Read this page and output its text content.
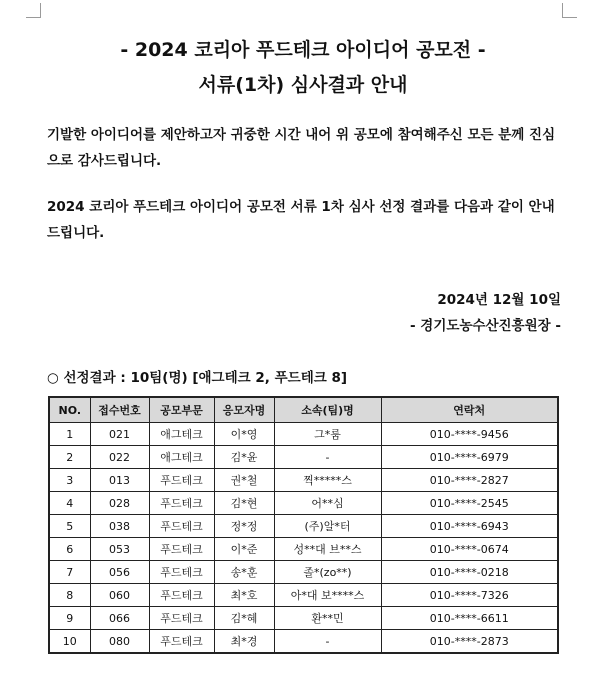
- 2024 코리아 푸드테크 아이디어 공모전 -
서류(1차) 심사결과 안내
기발한 아이디어를 제안하고자 귀중한 시간 내어 위 공모에 참여해주신 모든 분께 진심으로 감사드립니다.
2024 코리아 푸드테크 아이디어 공모전 서류 1차 심사 선정 결과를 다음과 같이 안내드립니다.
2024년 12월 10일
- 경기도농수산진흥원장 -
○ 선정결과 : 10팀(명) [애그테크 2, 푸드테크 8]
NO.	접수번호	공모부문	응모자명	소속(팀)명	연락처
1	021	애그테크	이*영	그*룸	010-****-9456
2	022	애그테크	김*윤	-	010-****-6979
3	013	푸드테크	권*철	찍*****스	010-****-2827
4	028	푸드테크	김*현	어**심	010-****-2545
5	038	푸드테크	정*정	(주)알*터	010-****-6943
6	053	푸드테크	이*준	성**대 브**스	010-****-0674
7	056	푸드테크	송*훈	졸*(zo**)	010-****-0218
8	060	푸드테크	최*호	아*대 보****스	010-****-7326
9	066	푸드테크	김*혜	환**민	010-****-6611
10	080	푸드테크	최*경	-	010-****-2873
